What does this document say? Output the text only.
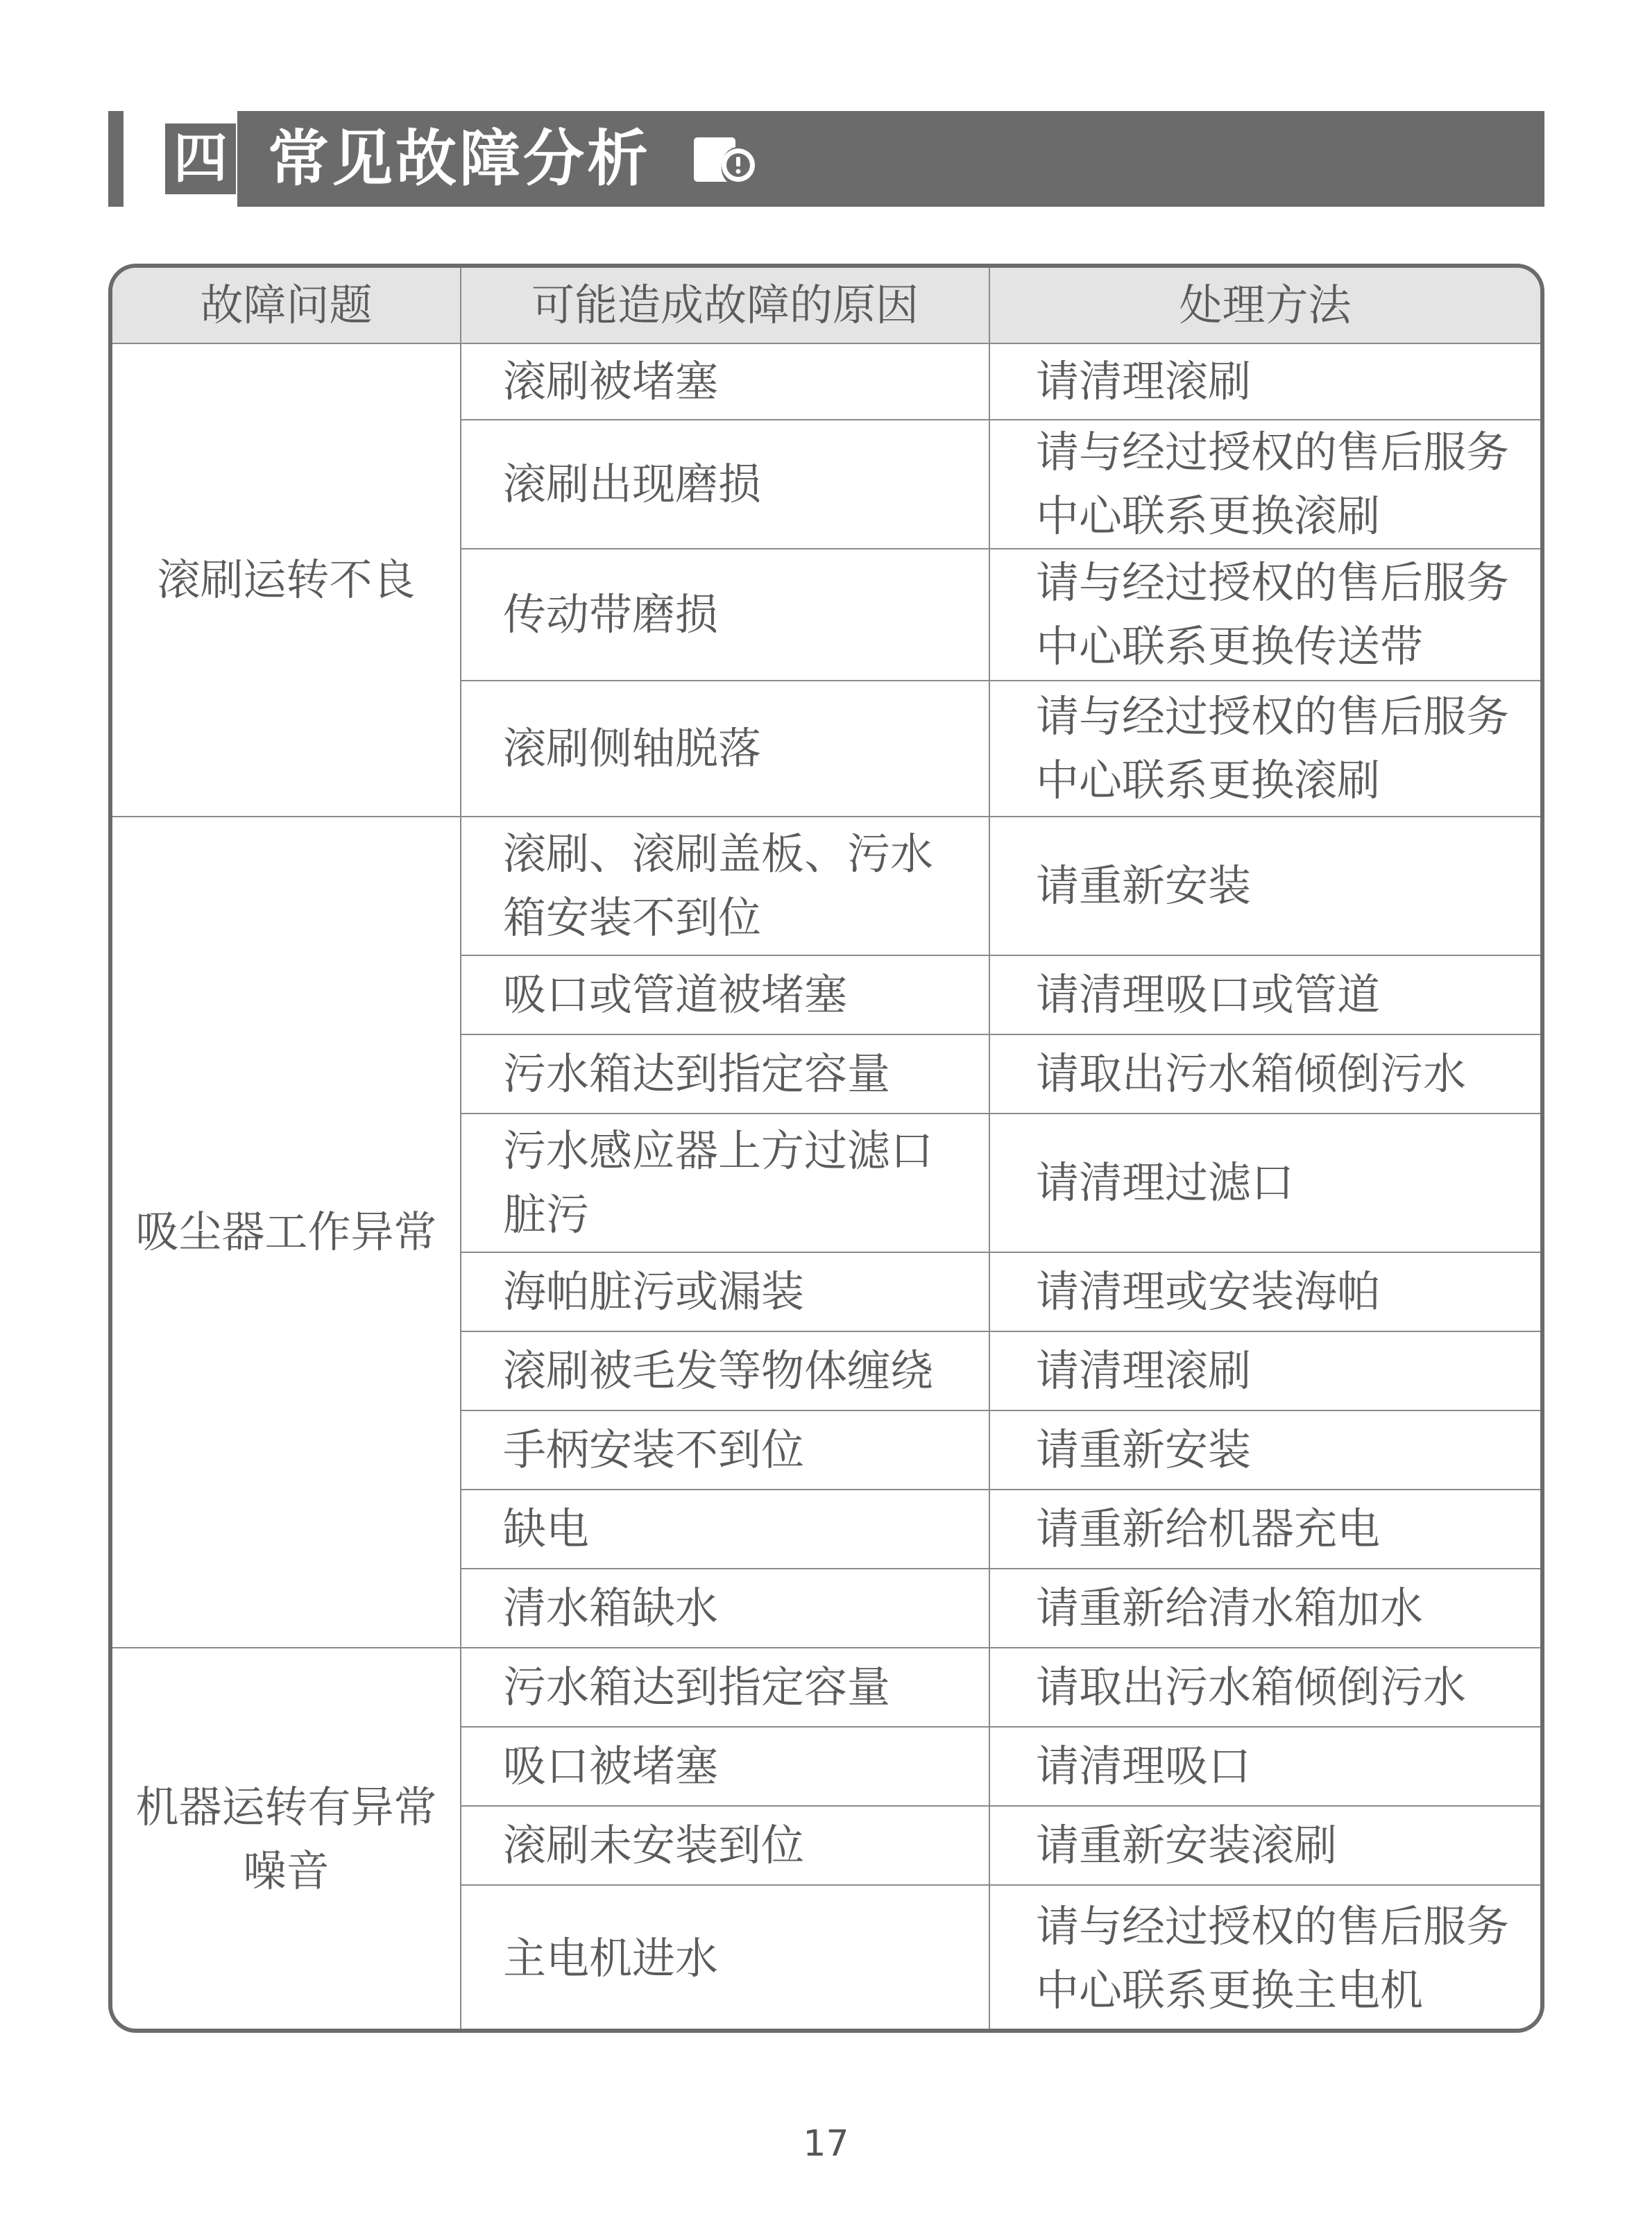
四 常见故障分析
故障问题	可能造成故障的原因	处理方法
滚刷运转不良	滚刷被堵塞	请清理滚刷
	滚刷出现磨损	请与经过授权的售后服务中心联系更换滚刷
	传动带磨损	请与经过授权的售后服务中心联系更换传送带
	滚刷侧轴脱落	请与经过授权的售后服务中心联系更换滚刷
吸尘器工作异常	滚刷、滚刷盖板、污水箱安装不到位	请重新安装
	吸口或管道被堵塞	请清理吸口或管道
	污水箱达到指定容量	请取出污水箱倾倒污水
	污水感应器上方过滤口脏污	请清理过滤口
	海帕脏污或漏装	请清理或安装海帕
	滚刷被毛发等物体缠绕	请清理滚刷
	手柄安装不到位	请重新安装
	缺电	请重新给机器充电
	清水箱缺水	请重新给清水箱加水
机器运转有异常噪音	污水箱达到指定容量	请取出污水箱倾倒污水
	吸口被堵塞	请清理吸口
	滚刷未安装到位	请重新安装滚刷
	主电机进水	请与经过授权的售后服务中心联系更换主电机
17
